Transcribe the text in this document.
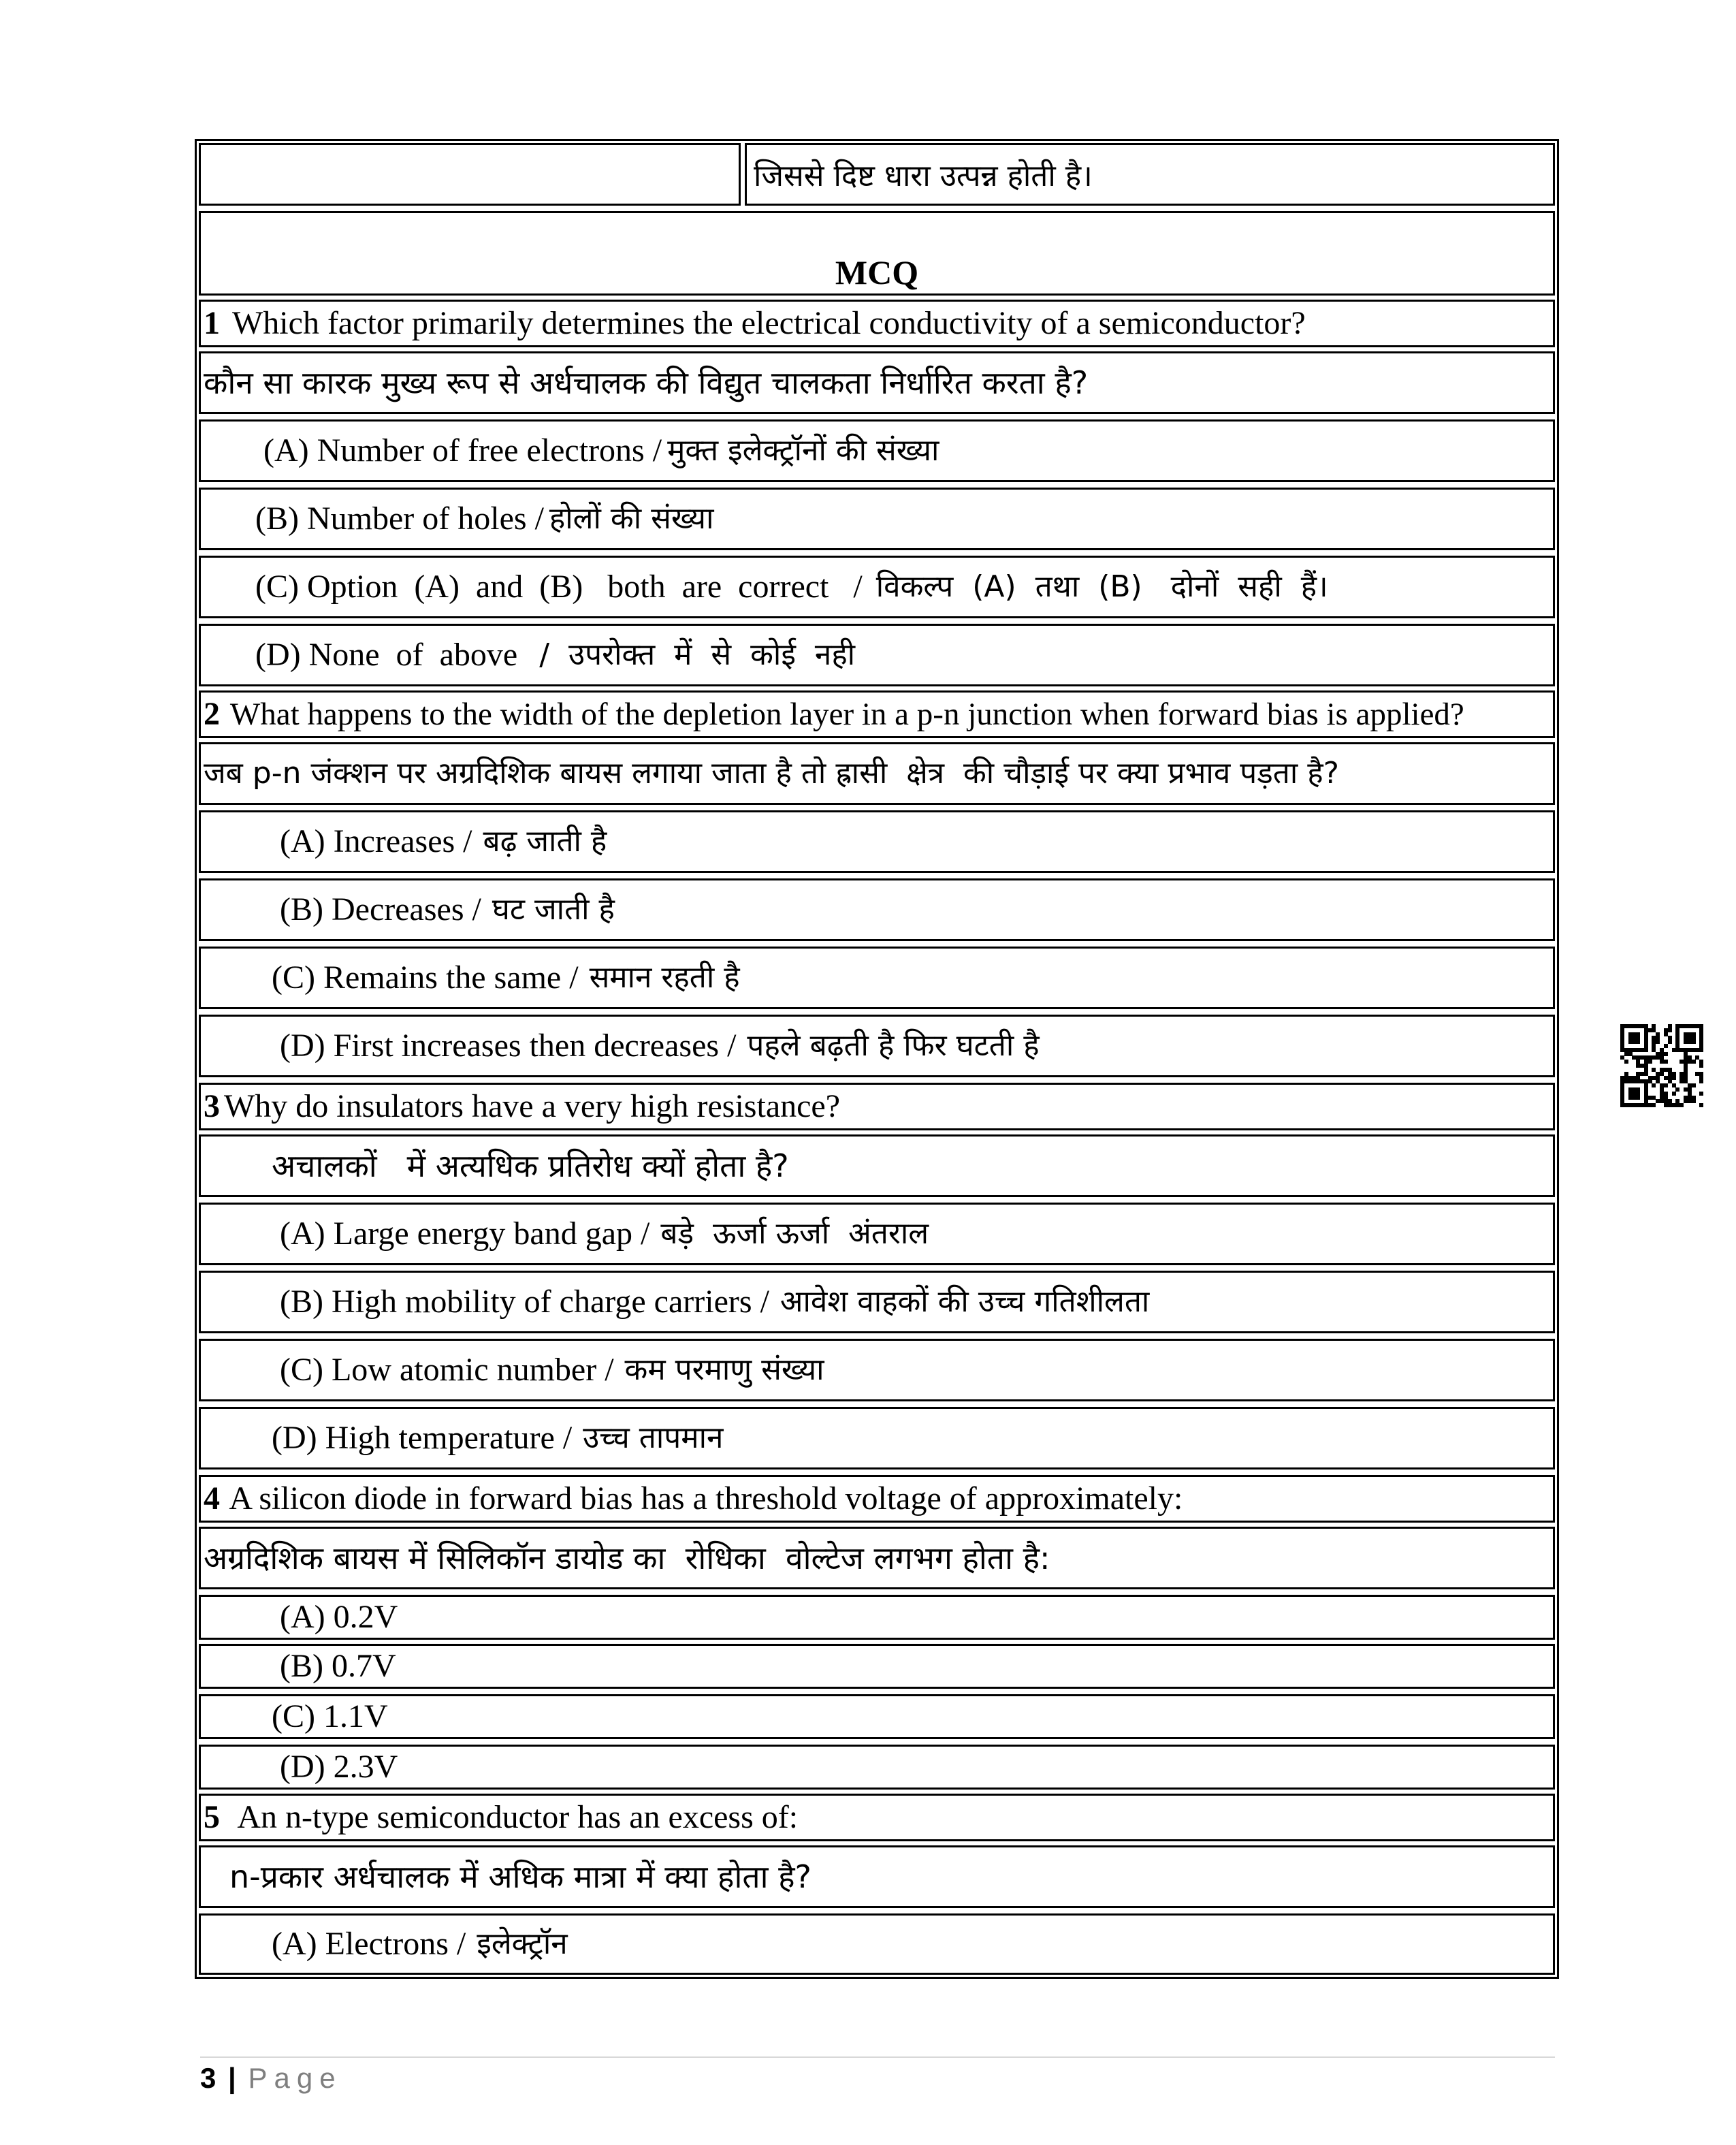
जिससे दिष्ट धारा उत्पन्न होती है।
MCQ
1 Which factor primarily determines the electrical conductivity of a semiconductor?
कौन सा कारक मुख्य रूप से अर्धचालक की विद्युत चालकता निर्धारित करता है?
(A) Number of free electrons / मुक्त इलेक्ट्रॉनों की संख्या
(B) Number of holes / होलों की संख्या
(C) Option  (A)  and  (B)   both  are  correct   / विकल्प  (A)  तथा  (B)   दोनों  सही  हैं।
(D) None  of  above /  उपरोक्त  में  से  कोई  नही
2 What happens to the width of the depletion layer in a p-n junction when forward bias is applied?
जब p-n जंक्शन पर अग्रदिशिक बायस लगाया जाता है तो ह्रासी  क्षेत्र  की चौड़ाई पर क्या प्रभाव पड़ता है?
(A) Increases / बढ़ जाती है
(B) Decreases / घट जाती है
(C) Remains the same / समान रहती है
(D) First increases then decreases / पहले बढ़ती है फिर घटती है
3 Why do insulators have a very high resistance?
अचालकों   में अत्यधिक प्रतिरोध क्यों होता है?
(A) Large energy band gap / बड़े  ऊर्जा ऊर्जा  अंतराल
(B) High mobility of charge carriers / आवेश वाहकों की उच्च गतिशीलता
(C) Low atomic number / कम परमाणु संख्या
(D) High temperature / उच्च तापमान
4 A silicon diode in forward bias has a threshold voltage of approximately:
अग्रदिशिक बायस में सिलिकॉन डायोड का  रोधिका  वोल्टेज लगभग होता है:
(A) 0.2V
(B) 0.7V
(C) 1.1V
(D) 2.3V
5 An n-type semiconductor has an excess of:
n-प्रकार अर्धचालक में अधिक मात्रा में क्या होता है?
(A) Electrons / इलेक्ट्रॉन
3 | Page
